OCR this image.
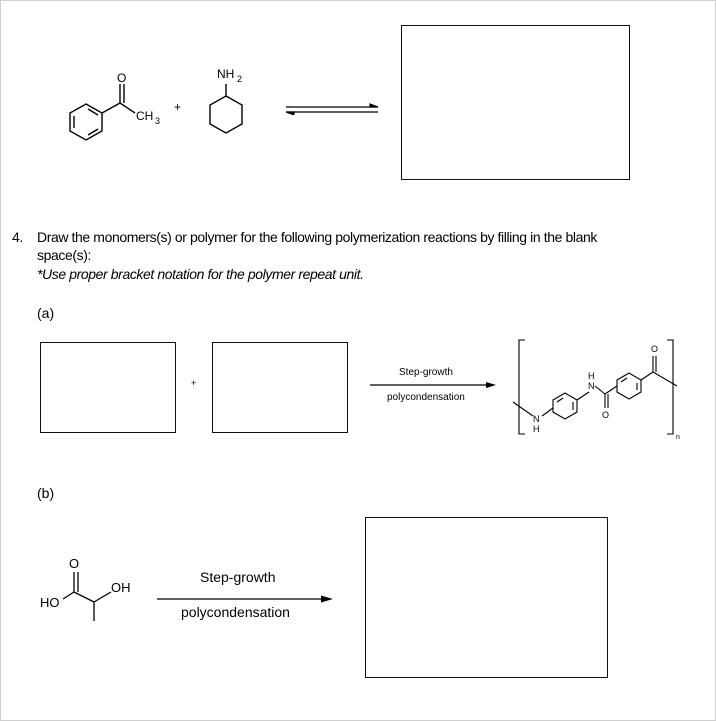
O
CH 3
+
NH 2
4. Draw the monomers(s) or polymer for the following polymerization reactions by filling in the blank
space(s):
*Use proper bracket notation for the polymer repeat unit.
(a)
+
Step-growth
polycondensation
H
N
O
N
H
O
n
(b)
HO
O
OH
Step-growth
polycondensation
